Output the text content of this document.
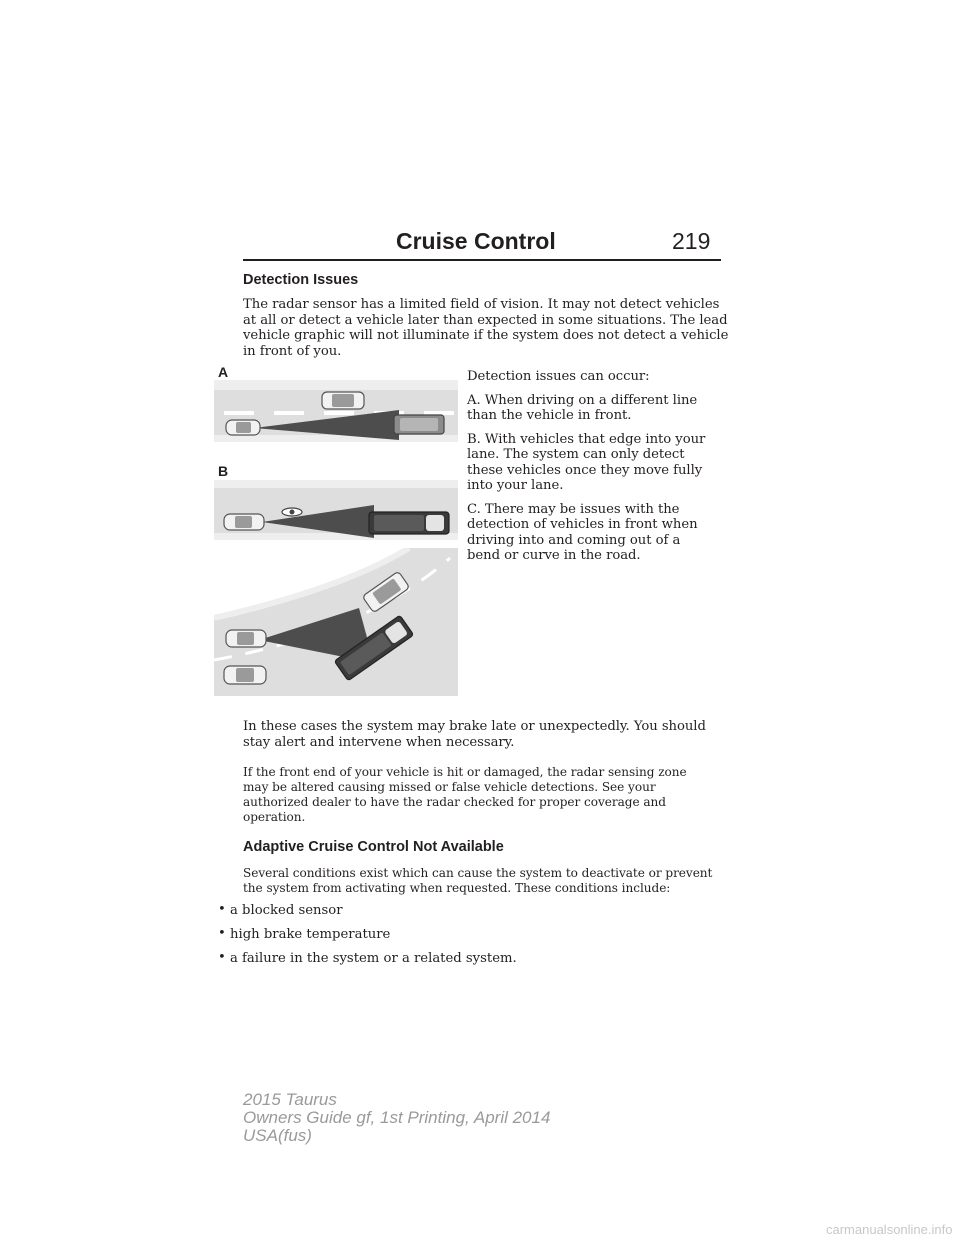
Cruise Control	219
Detection Issues
The radar sensor has a limited field of vision. It may not detect vehicles
at all or detect a vehicle later than expected in some situations. The lead
vehicle graphic will not illuminate if the system does not detect a vehicle
in front of you.
A
B
Detection issues can occur:
A. When driving on a different line
than the vehicle in front.
B. With vehicles that edge into your
lane. The system can only detect
these vehicles once they move fully
into your lane.
C. There may be issues with the
detection of vehicles in front when
driving into and coming out of a
bend or curve in the road.
In these cases the system may brake late or unexpectedly. You should
stay alert and intervene when necessary.
If the front end of your vehicle is hit or damaged, the radar sensing zone
may be altered causing missed or false vehicle detections. See your
authorized dealer to have the radar checked for proper coverage and
operation.
Adaptive Cruise Control Not Available
Several conditions exist which can cause the system to deactivate or prevent
the system from activating when requested. These conditions include:
• a blocked sensor
• high brake temperature
• a failure in the system or a related system.
2015 Taurus
Owners Guide gf, 1st Printing, April 2014
USA(fus)
carmanualsonline.info
